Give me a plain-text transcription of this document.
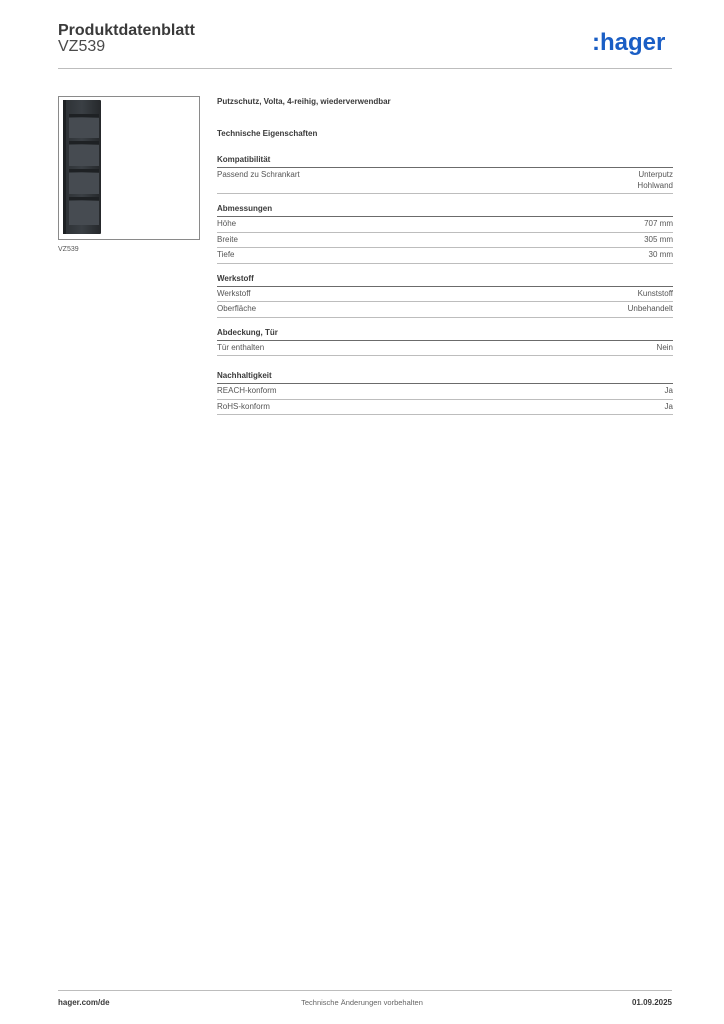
Produktdatenblatt
VZ539	:hager
VZ539

Putzschutz, Volta, 4-reihig, wiederverwendbar

Technische Eigenschaften
Kompatibilität
Passend zu Schrankart	Unterputz
Hohlwand
Abmessungen
Höhe	707 mm
Breite	305 mm
Tiefe	30 mm
Werkstoff
Werkstoff	Kunststoff
Oberfläche	Unbehandelt
Abdeckung, Tür
Tür enthalten	Nein
Nachhaltigkeit
REACH-konform	Ja
RoHS-konform	Ja
hager.com/de	Technische Änderungen vorbehalten	01.09.2025
